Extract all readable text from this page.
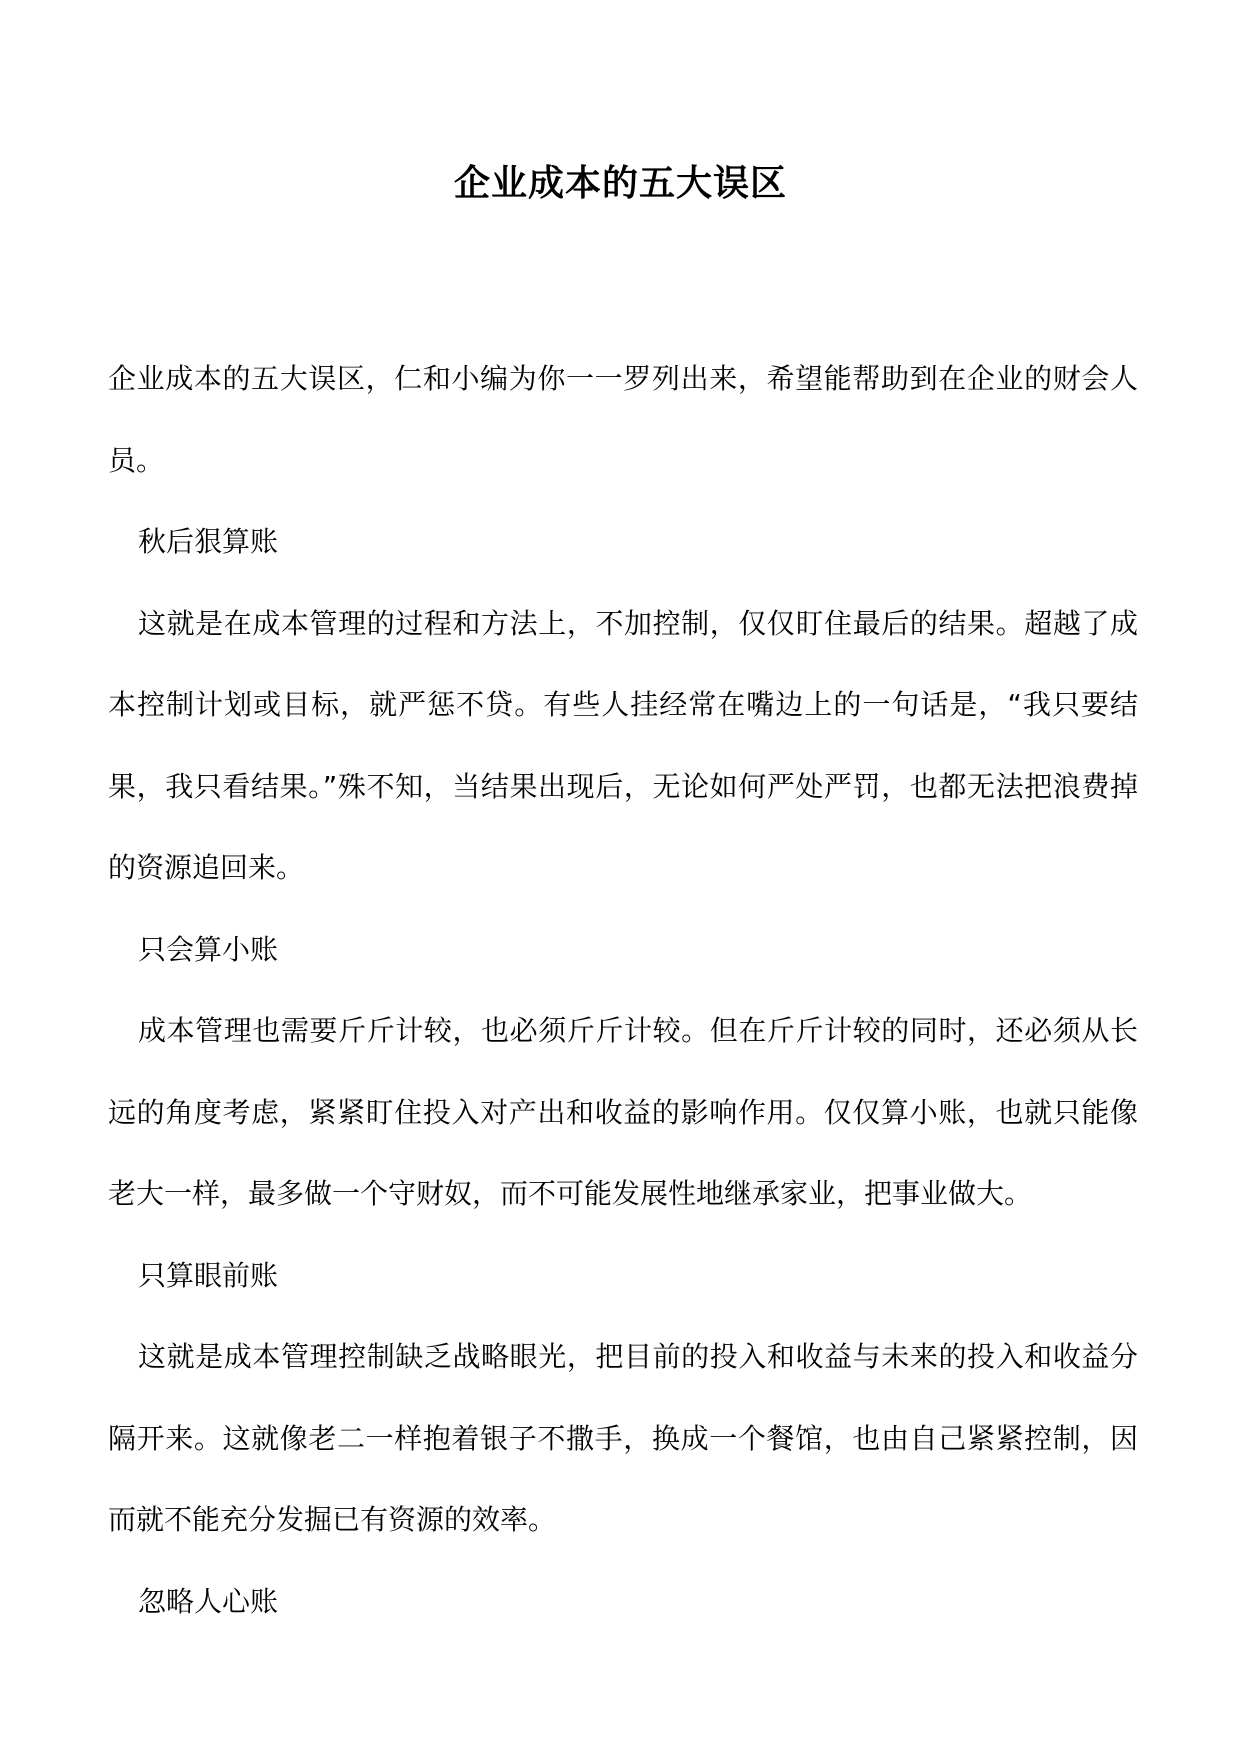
企业成本的五大误区

企业成本的五大误区，仁和小编为你一一罗列出来，希望能帮助到在企业的财会人员。

秋后狠算账

这就是在成本管理的过程和方法上，不加控制，仅仅盯住最后的结果。超越了成本控制计划或目标，就严惩不贷。有些人挂经常在嘴边上的一句话是，“我只要结果，我只看结果。”殊不知，当结果出现后，无论如何严处严罚，也都无法把浪费掉的资源追回来。

只会算小账

成本管理也需要斤斤计较，也必须斤斤计较。但在斤斤计较的同时，还必须从长远的角度考虑，紧紧盯住投入对产出和收益的影响作用。仅仅算小账，也就只能像老大一样，最多做一个守财奴，而不可能发展性地继承家业，把事业做大。

只算眼前账

这就是成本管理控制缺乏战略眼光，把目前的投入和收益与未来的投入和收益分隔开来。这就像老二一样抱着银子不撒手，换成一个餐馆，也由自己紧紧控制，因而就不能充分发掘已有资源的效率。

忽略人心账
